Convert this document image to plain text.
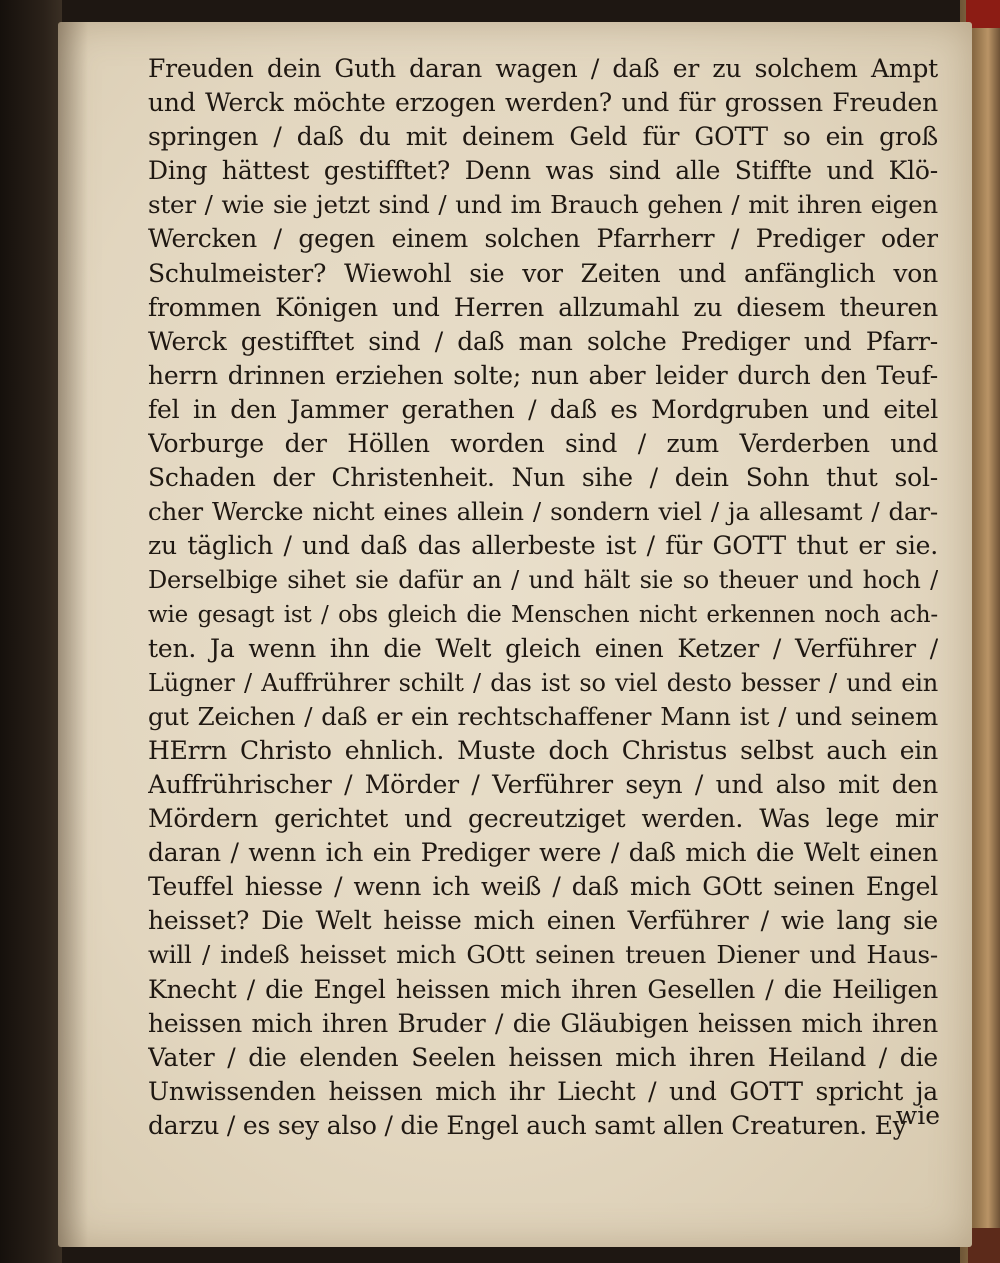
Freuden dein Guth daran wagen / daß er zu solchem Ampt
und Werck möchte erzogen werden? und für grossen Freuden
springen / daß du mit deinem Geld für GOTT so ein groß
Ding hättest gestifftet? Denn was sind alle Stiffte und Klö-
ster / wie sie jetzt sind / und im Brauch gehen / mit ihren eigen
Wercken / gegen einem solchen Pfarrherr / Prediger oder
Schulmeister? Wiewohl sie vor Zeiten und anfänglich von
frommen Königen und Herren allzumahl zu diesem theuren
Werck gestifftet sind / daß man solche Prediger und Pfarr-
herrn drinnen erziehen solte; nun aber leider durch den Teuf-
fel in den Jammer gerathen / daß es Mordgruben und eitel
Vorburge der Höllen worden sind / zum Verderben und
Schaden der Christenheit. Nun sihe / dein Sohn thut sol-
cher Wercke nicht eines allein / sondern viel / ja allesamt / dar-
zu täglich / und daß das allerbeste ist / für GOTT thut er sie.
Derselbige sihet sie dafür an / und hält sie so theuer und hoch /
wie gesagt ist / obs gleich die Menschen nicht erkennen noch ach-
ten. Ja wenn ihn die Welt gleich einen Ketzer / Verführer /
Lügner / Auffrührer schilt / das ist so viel desto besser / und ein
gut Zeichen / daß er ein rechtschaffener Mann ist / und seinem
HErrn Christo ehnlich. Muste doch Christus selbst auch ein
Auffrührischer / Mörder / Verführer seyn / und also mit den
Mördern gerichtet und gecreutziget werden. Was lege mir
daran / wenn ich ein Prediger were / daß mich die Welt einen
Teuffel hiesse / wenn ich weiß / daß mich GOtt seinen Engel
heisset? Die Welt heisse mich einen Verführer / wie lang sie
will / indeß heisset mich GOtt seinen treuen Diener und Haus-
Knecht / die Engel heissen mich ihren Gesellen / die Heiligen
heissen mich ihren Bruder / die Gläubigen heissen mich ihren
Vater / die elenden Seelen heissen mich ihren Heiland / die
Unwissenden heissen mich ihr Liecht / und GOTT spricht ja
darzu / es sey also / die Engel auch samt allen Creaturen. Ey
wie
